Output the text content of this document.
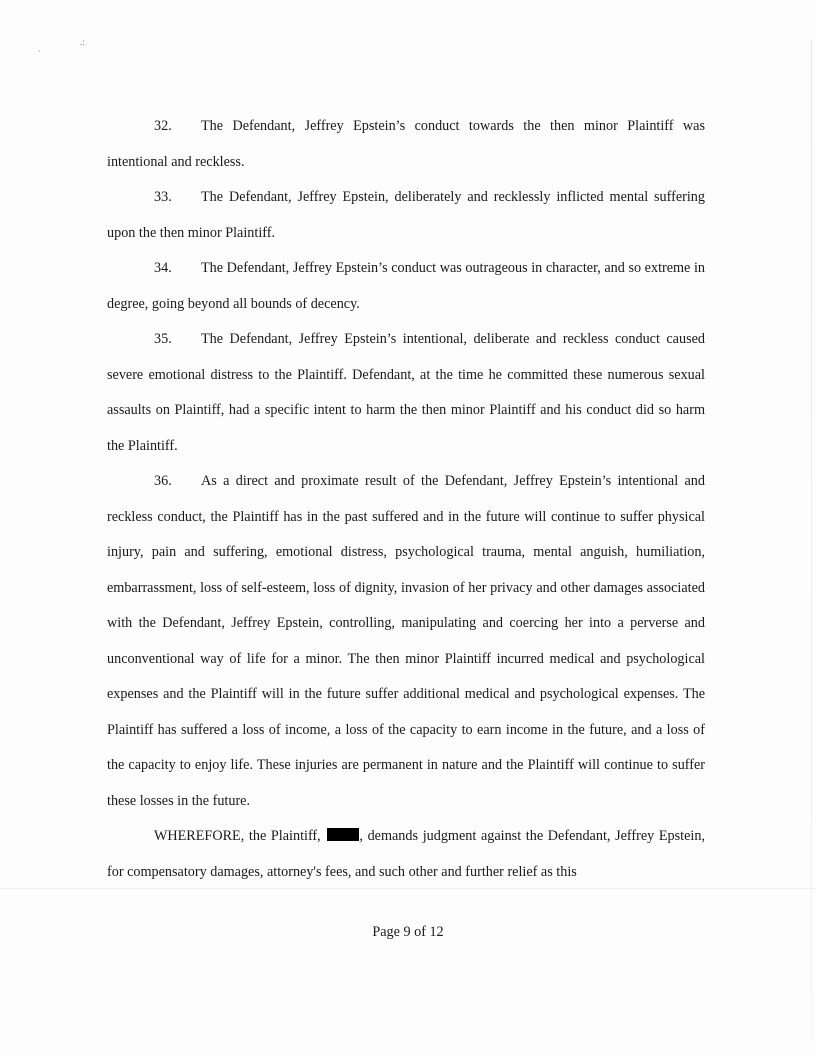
.:
`

32. The Defendant, Jeffrey Epstein’s conduct towards the then minor Plaintiff was intentional and reckless.

33. The Defendant, Jeffrey Epstein, deliberately and recklessly inflicted mental suffering upon the then minor Plaintiff.

34. The Defendant, Jeffrey Epstein’s conduct was outrageous in character, and so extreme in degree, going beyond all bounds of decency.

35. The Defendant, Jeffrey Epstein’s intentional, deliberate and reckless conduct caused severe emotional distress to the Plaintiff. Defendant, at the time he committed these numerous sexual assaults on Plaintiff, had a specific intent to harm the then minor Plaintiff and his conduct did so harm the Plaintiff.

36. As a direct and proximate result of the Defendant, Jeffrey Epstein’s intentional and reckless conduct, the Plaintiff has in the past suffered and in the future will continue to suffer physical injury, pain and suffering, emotional distress, psychological trauma, mental anguish, humiliation, embarrassment, loss of self-esteem, loss of dignity, invasion of her privacy and other damages associated with the Defendant, Jeffrey Epstein, controlling, manipulating and coercing her into a perverse and unconventional way of life for a minor. The then minor Plaintiff incurred medical and psychological expenses and the Plaintiff will in the future suffer additional medical and psychological expenses. The Plaintiff has suffered a loss of income, a loss of the capacity to earn income in the future, and a loss of the capacity to enjoy life. These injuries are permanent in nature and the Plaintiff will continue to suffer these losses in the future.

WHEREFORE, the Plaintiff,	, demands judgment against the Defendant, Jeffrey Epstein, for compensatory damages, attorney's fees, and such other and further relief as this

Page 9 of 12
